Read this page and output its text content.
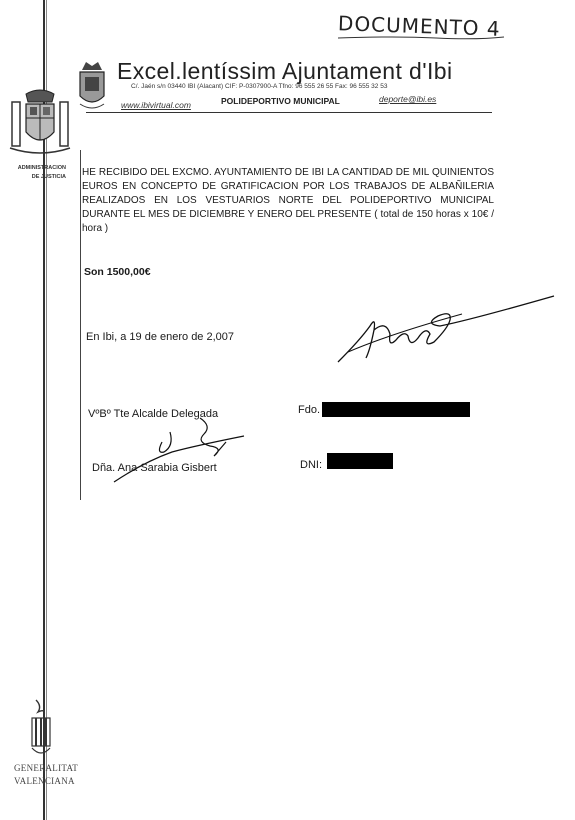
DOCUMENTO 4
Excel.lentíssim Ajuntament d'Ibi
C/. Jaén s/n 03440 IBI (Alacant) CIF: P-0307900-A Tfno: 96 555 26 55 Fax: 96 555 32 53
www.ibivirtual.com	POLIDEPORTIVO MUNICIPAL	deporte@ibi.es
ADMINISTRACION
DE JUSTICIA HE RECIBIDO DEL EXCMO. AYUNTAMIENTO DE IBI LA CANTIDAD DE MIL QUINIENTOS EUROS EN CONCEPTO DE GRATIFICACION POR LOS TRABAJOS DE ALBAÑILERIA REALIZADOS EN LOS VESTUARIOS NORTE DEL POLIDEPORTIVO MUNICIPAL DURANTE EL MES DE DICIEMBRE Y ENERO DEL PRESENTE ( total de 150 horas x 10€ / hora )
Son 1500,00€
En Ibi, a 19 de enero de 2,007
VºBº Tte Alcalde Delegada	Fdo.
Dña. Ana Sarabia Gisbert	DNI:
GENERALITAT
VALENCIANA
